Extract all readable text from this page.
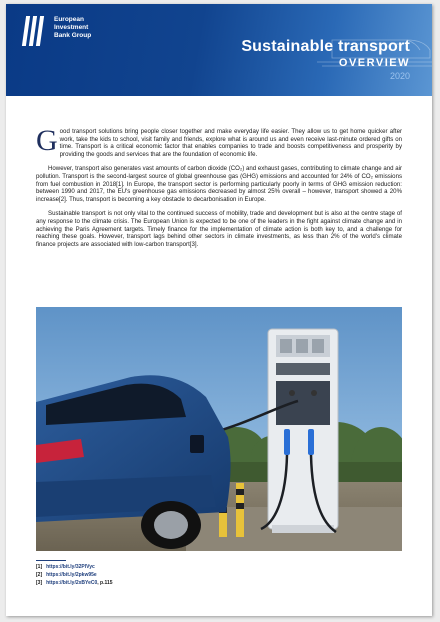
European
Investment
Bank Group
Sustainable transport
OVERVIEW
2020

Good transport solutions bring people closer together and make everyday life easier. They allow us to get home quicker after work, take the kids to school, visit family and friends, explore what is around us and even receive last-minute ordered gifts on time. Transport is a critical economic factor that enables companies to trade and boosts competitiveness and prosperity by providing the goods and services that are the foundation of economic life.

However, transport also generates vast amounts of carbon dioxide (CO₂) and exhaust gases, contributing to climate change and air pollution. Transport is the second-largest source of global greenhouse gas (GHG) emissions and accounted for 24% of CO₂ emissions from fuel combustion in 2018[1]. In Europe, the transport sector is performing particularly poorly in terms of GHG emission reduction: between 1990 and 2017, the EU's greenhouse gas emissions decreased by almost 25% overall – however, transport showed a 20% increase[2]. Thus, transport is becoming a key obstacle to decarbonisation in Europe.

Sustainable transport is not only vital to the continued success of mobility, trade and development but is also at the centre stage of any response to the climate crisis. The European Union is expected to be one of the leaders in the fight against climate change and in achieving the Paris Agreement targets. Timely finance for the implementation of climate action is both key to, and a challenge for reaching these goals. However, transport lags behind other sectors in climate investments, as less than 2% of the world's climate finance projects are associated with low-carbon transport[3].

[1] https://bit.ly/32PlVyc
[2] https://bit.ly/2pkw95e
[3] https://bit.ly/2xBYeC0, p.115
